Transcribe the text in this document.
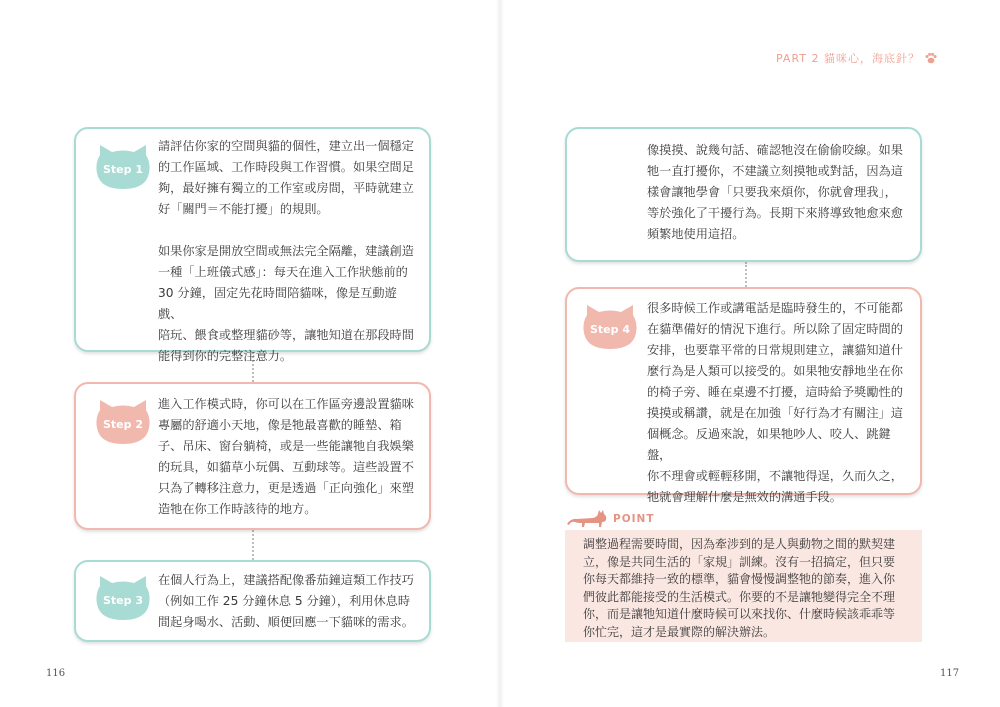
PART 2 貓咪心，海底針？
Step 1

請評估你家的空間與貓的個性，建立出一個穩定
的工作區域、工作時段與工作習慣。如果空間足
夠，最好擁有獨立的工作室或房間，平時就建立
好「關門＝不能打擾」的規則。

如果你家是開放空間或無法完全隔離，建議創造
一種「上班儀式感」：每天在進入工作狀態前的
30 分鐘，固定先花時間陪貓咪，像是互動遊戲、
陪玩、餵食或整理貓砂等，讓牠知道在那段時間
能得到你的完整注意力。

Step 2

進入工作模式時，你可以在工作區旁邊設置貓咪
專屬的舒適小天地，像是牠最喜歡的睡墊、箱
子、吊床、窗台躺椅，或是一些能讓牠自我娛樂
的玩具，如貓草小玩偶、互動球等。這些設置不
只為了轉移注意力，更是透過「正向強化」來塑
造牠在你工作時該待的地方。

Step 3

在個人行為上，建議搭配像番茄鐘這類工作技巧
（例如工作 25 分鐘休息 5 分鐘），利用休息時
間起身喝水、活動、順便回應一下貓咪的需求。

116

像摸摸、說幾句話、確認牠沒在偷偷咬線。如果
牠一直打擾你，不建議立刻摸牠或對話，因為這
樣會讓牠學會「只要我來煩你，你就會理我」，
等於強化了干擾行為。長期下來將導致牠愈來愈
頻繁地使用這招。

Step 4

很多時候工作或講電話是臨時發生的，不可能都
在貓準備好的情況下進行。所以除了固定時間的
安排，也要靠平常的日常規則建立，讓貓知道什
麼行為是人類可以接受的。如果牠安靜地坐在你
的椅子旁、睡在桌邊不打擾，這時給予獎勵性的
摸摸或稱讚，就是在加強「好行為才有關注」這
個概念。反過來說，如果牠吵人、咬人、跳鍵盤，
你不理會或輕輕移開，不讓牠得逞，久而久之，
牠就會理解什麼是無效的溝通手段。

POINT

調整過程需要時間，因為牽涉到的是人與動物之間的默契建
立，像是共同生活的「家規」訓練。沒有一招搞定，但只要
你每天都維持一致的標準，貓會慢慢調整牠的節奏，進入你
們彼此都能接受的生活模式。你要的不是讓牠變得完全不理
你，而是讓牠知道什麼時候可以來找你、什麼時候該乖乖等
你忙完，這才是最實際的解決辦法。

117
